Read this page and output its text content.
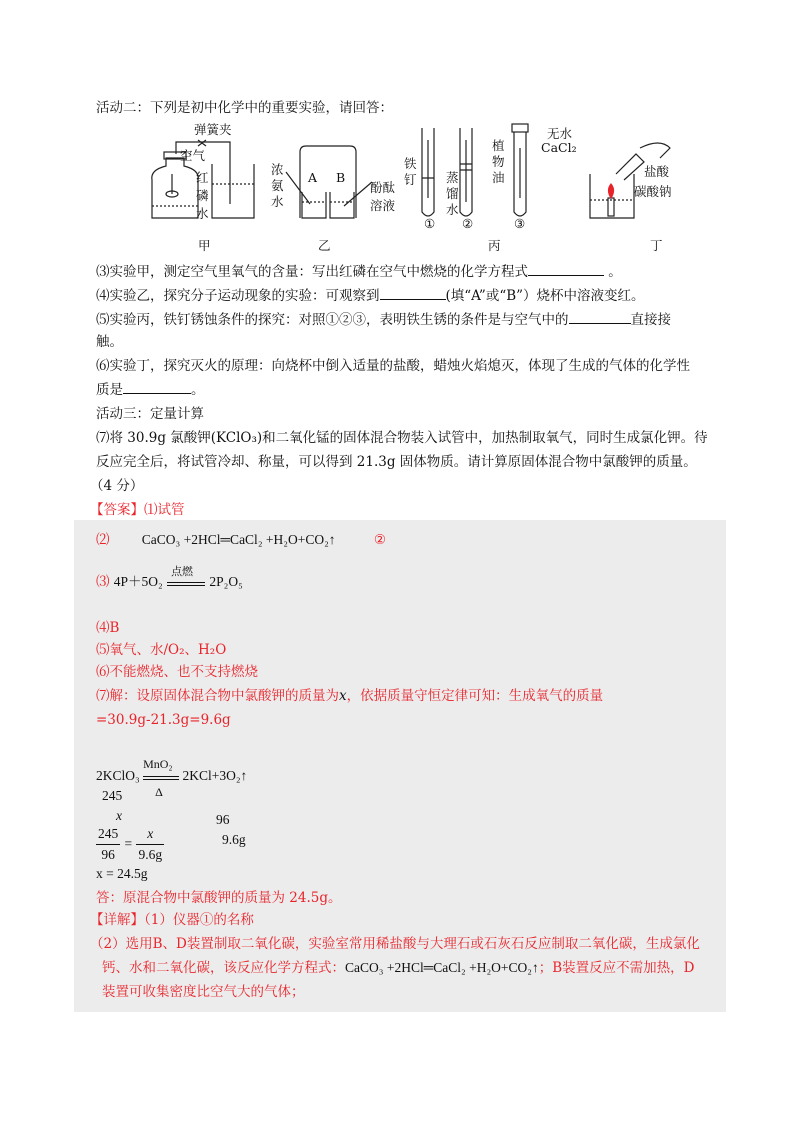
活动二：下列是初中化学中的重要实验，请回答：
弹簧夹
空气
红
磷
水
甲
浓
氨
水
A B
酚酞
溶液
乙
铁
钉 蒸
馏
水
植
物
油
无水
CaCl₂
① ②	③
丙
盐酸
碳酸钠
丁
⑶实验甲，测定空气里氧气的含量：写出红磷在空气中燃烧的化学方程式	。
⑷实验乙，探究分子运动现象的实验：可观察到	(填“A”或“B”）烧杯中溶液变红。
⑸实验丙，铁钉锈蚀条件的探究：对照①②③，表明铁生锈的条件是与空气中的	直接接
触。
⑹实验丁，探究灭火的原理：向烧杯中倒入适量的盐酸，蜡烛火焰熄灭，体现了生成的气体的化学性
质是	。
活动三：定量计算
⑺将 30.9g 氯酸钾(KClO₃)和二氧化锰的固体混合物装入试管中，加热制取氧气，同时生成氯化钾。待
反应完全后，将试管冷却、称量，可以得到 21.3g 固体物质。请计算原固体混合物中氯酸钾的质量。
（4 分）
【答案】⑴试管
⑵ CaCO₃ +2HCl═CaCl₂ +H₂O+CO₂↑	②
⑶ 4P＋5O₂
点燃
2P₂O₅
⑷B
⑸氧气、水/O₂、H₂O
⑹不能燃烧、也不支持燃烧
⑺解：设原固体混合物中氯酸钾的质量为x，依据质量守恒定律可知：生成氧气的质量
=30.9g-21.3g=9.6g
2KClO₃
MnO₂
Δ
2KCl+3O₂↑
245
96
x
9.6g
$\frac{245}{96} = \frac{x}{9.6g}$
x = 24.5g
答：原混合物中氯酸钾的质量为 24.5g。
【详解】（1）仪器①的名称
（2）选用B、D装置制取二氧化碳，实验室常用稀盐酸与大理石或石灰石反应制取二氧化碳，生成氯化
钙、水和二氧化碳，该反应化学方程式：CaCO₃ +2HCl═CaCl₂ +H₂O+CO₂↑；B装置反应不需加热，D
装置可收集密度比空气大的气体；
